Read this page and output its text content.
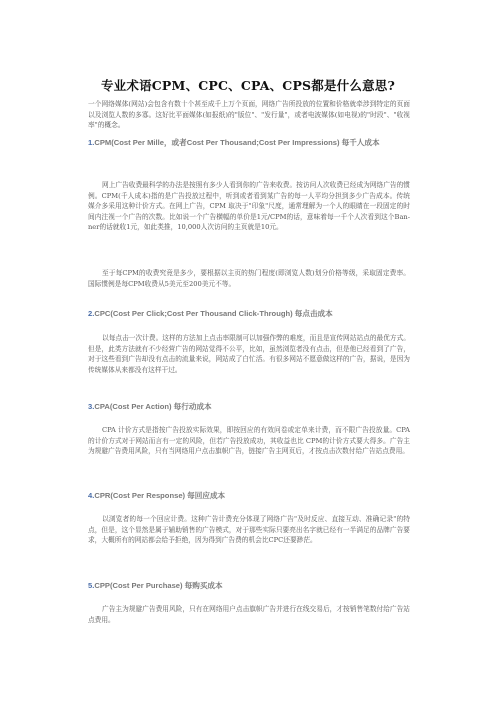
专业术语CPM、CPC、CPA、CPS都是什么意思?
一个网络媒体(网站)会包含有数十个甚至成千上万个页面，网络广告所投放的位置和价格就牵涉到特定的页面以及浏览人数的多寡。这好比平面媒体(如报纸)的"版位"、"发行量"，或者电波媒体(如电视)的"时段"、"收视率"的概念。
1.CPM(Cost Per Mille，或者Cost Per Thousand;Cost Per Impressions) 每千人成本
网上广告收费最科学的办法是按照有多少人看到你的广告来收费。按访问人次收费已经成为网络广告的惯例。CPM(千人成本)指的是广告投放过程中，听到或者看到某广告的每一人平均分担到多少广告成本。传统媒介多采用这种计价方式。在网上广告，CPM 取决于"印象"尺度，通常理解为一个人的眼睛在一段固定的时间内注视一个广告的次数。比如说一个广告横幅的单价是1元/CPM的话，意味着每一千个人次看到这个Ban-ner的话就收1元，如此类推，10,000人次访问的主页就是10元。
至于每CPM的收费究竟是多少，要根据以主页的热门程度(即浏览人数)划分价格等级，采取固定费率。国际惯例是每CPM收费从5美元至200美元不等。
2.CPC(Cost Per Click;Cost Per Thousand Click-Through) 每点击成本
以每点击一次计费。这样的方法加上点击率限制可以加强作弊的难度，而且是宣传网站站点的最优方式。但是，此类方法就有不少经营广告的网站觉得不公平，比如，虽然浏览者没有点击，但是他已经看到了广告，对于这些看到广告却没有点击的流量来说，网站成了白忙活。有很多网站不愿意做这样的广告，据说，是因为传统媒体从来都没有这样干过。
3.CPA(Cost Per Action) 每行动成本
CPA 计价方式是指按广告投放实际效果，即按回应的有效问卷或定单来计费，而不限广告投放量。CPA 的计价方式对于网站而言有一定的风险，但若广告投放成功，其收益也比 CPM的计价方式要大得多。广告主为规避广告费用风险，只有当网络用户点击旗帜广告，链接广告主网页后，才按点击次数付给广告站点费用。
4.CPR(Cost Per Response) 每回应成本
以浏览者的每一个回应计费。这种广告计费充分体现了网络广告"及时反应、直接互动、准确记录"的特点，但是，这个显然是属于辅助销售的广告模式，对于那些实际只要亮出名字就已经有一半满足的品牌广告要求，大概所有的网站都会给予拒绝，因为得到广告费的机会比CPC还要渺茫。
5.CPP(Cost Per Purchase) 每购买成本
广告主为规避广告费用风险，只有在网络用户点击旗帜广告并进行在线交易后，才按销售笔数付给广告站点费用。
